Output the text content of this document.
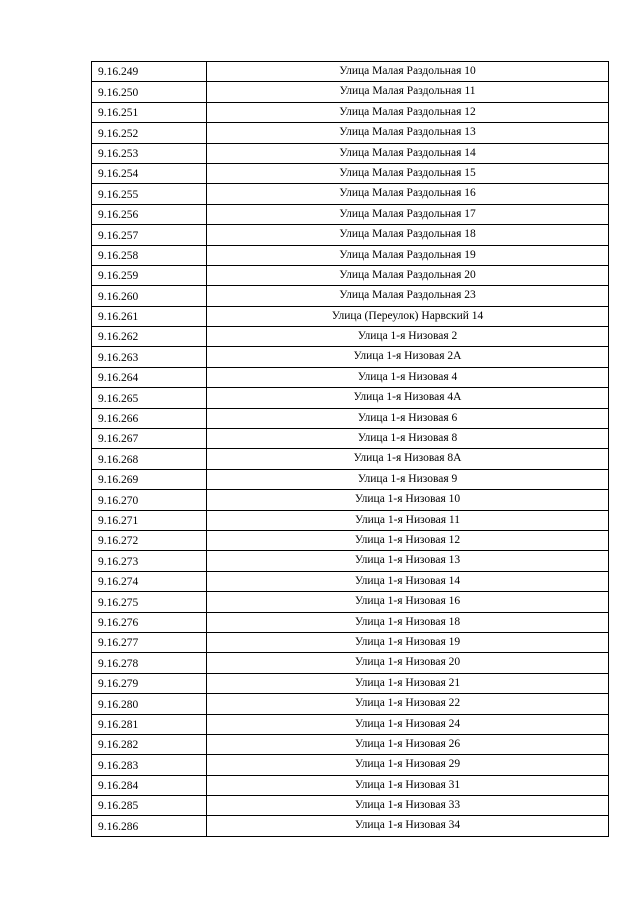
9.16.249	Улица Малая Раздольная 10
9.16.250	Улица Малая Раздольная 11
9.16.251	Улица Малая Раздольная 12
9.16.252	Улица Малая Раздольная 13
9.16.253	Улица Малая Раздольная 14
9.16.254	Улица Малая Раздольная 15
9.16.255	Улица Малая Раздольная 16
9.16.256	Улица Малая Раздольная 17
9.16.257	Улица Малая Раздольная 18
9.16.258	Улица Малая Раздольная 19
9.16.259	Улица Малая Раздольная 20
9.16.260	Улица Малая Раздольная 23
9.16.261	Улица (Переулок) Нарвский 14
9.16.262	Улица 1-я Низовая 2
9.16.263	Улица 1-я Низовая 2А
9.16.264	Улица 1-я Низовая 4
9.16.265	Улица 1-я Низовая 4А
9.16.266	Улица 1-я Низовая 6
9.16.267	Улица 1-я Низовая 8
9.16.268	Улица 1-я Низовая 8А
9.16.269	Улица 1-я Низовая 9
9.16.270	Улица 1-я Низовая 10
9.16.271	Улица 1-я Низовая 11
9.16.272	Улица 1-я Низовая 12
9.16.273	Улица 1-я Низовая 13
9.16.274	Улица 1-я Низовая 14
9.16.275	Улица 1-я Низовая 16
9.16.276	Улица 1-я Низовая 18
9.16.277	Улица 1-я Низовая 19
9.16.278	Улица 1-я Низовая 20
9.16.279	Улица 1-я Низовая 21
9.16.280	Улица 1-я Низовая 22
9.16.281	Улица 1-я Низовая 24
9.16.282	Улица 1-я Низовая 26
9.16.283	Улица 1-я Низовая 29
9.16.284	Улица 1-я Низовая 31
9.16.285	Улица 1-я Низовая 33
9.16.286	Улица 1-я Низовая 34
